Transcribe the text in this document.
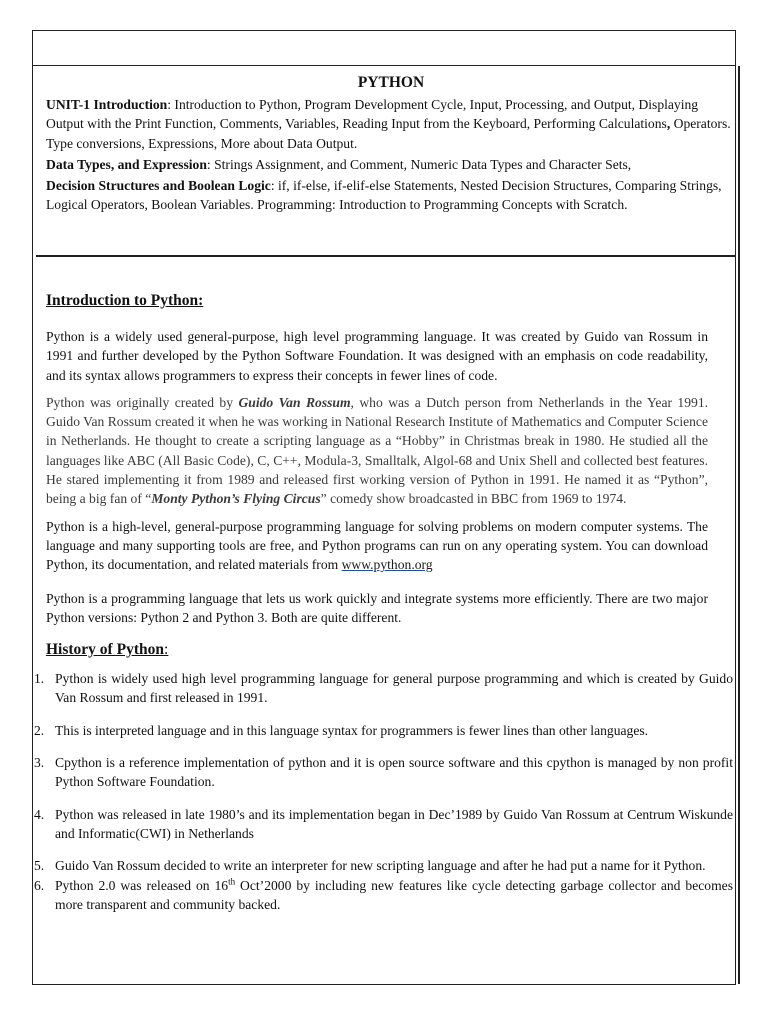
PYTHON

UNIT-1 Introduction: Introduction to Python, Program Development Cycle, Input, Processing, and Output, Displaying Output with the Print Function, Comments, Variables, Reading Input from the Keyboard, Performing Calculations, Operators. Type conversions, Expressions, More about Data Output.

Data Types, and Expression: Strings Assignment, and Comment, Numeric Data Types and Character Sets,

Decision Structures and Boolean Logic: if, if-else, if-elif-else Statements, Nested Decision Structures, Comparing Strings, Logical Operators, Boolean Variables. Programming: Introduction to Programming Concepts with Scratch.

Introduction to Python:

Python is a widely used general-purpose, high level programming language. It was created by Guido van Rossum in 1991 and further developed by the Python Software Foundation. It was designed with an emphasis on code readability, and its syntax allows programmers to express their concepts in fewer lines of code.

Python was originally created by Guido Van Rossum, who was a Dutch person from Netherlands in the Year 1991. Guido Van Rossum created it when he was working in National Research Institute of Mathematics and Computer Science in Netherlands. He thought to create a scripting language as a “Hobby” in Christmas break in 1980. He studied all the languages like ABC (All Basic Code), C, C++, Modula-3, Smalltalk, Algol-68 and Unix Shell and collected best features. He stared implementing it from 1989 and released first working version of Python in 1991. He named it as “Python”, being a big fan of “Monty Python’s Flying Circus” comedy show broadcasted in BBC from 1969 to 1974.

Python is a high-level, general-purpose programming language for solving problems on modern computer systems. The language and many supporting tools are free, and Python programs can run on any operating system. You can download Python, its documentation, and related materials from www.python.org

Python is a programming language that lets us work quickly and integrate systems more efficiently. There are two major Python versions: Python 2 and Python 3. Both are quite different.

History of Python:
1. Python is widely used high level programming language for general purpose programming and which is created by Guido Van Rossum and first released in 1991.
2. This is interpreted language and in this language syntax for programmers is fewer lines than other languages.
3. Cpython is a reference implementation of python and it is open source software and this cpython is managed by non profit Python Software Foundation.
4. Python was released in late 1980’s and its implementation began in Dec’1989 by Guido Van Rossum at Centrum Wiskunde and Informatic(CWI) in Netherlands
5. Guido Van Rossum decided to write an interpreter for new scripting language and after he had put a name for it Python.
6. Python 2.0 was released on 16th Oct’2000 by including new features like cycle detecting garbage collector and becomes more transparent and community backed.
